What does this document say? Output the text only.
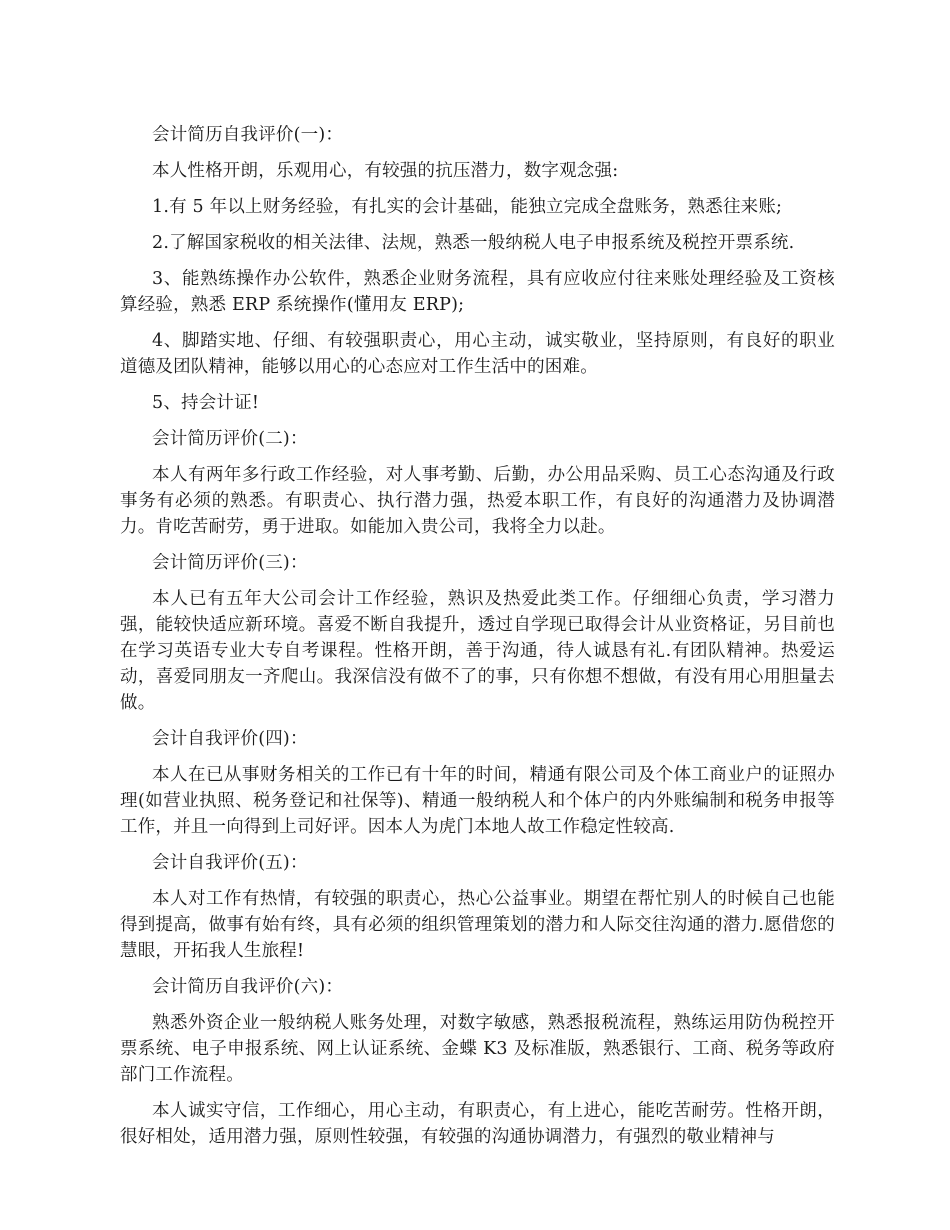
会计简历自我评价(一)：

本人性格开朗，乐观用心，有较强的抗压潜力，数字观念强:

1.有 5 年以上财务经验，有扎实的会计基础，能独立完成全盘账务，熟悉往来账;

2.了解国家税收的相关法律、法规，熟悉一般纳税人电子申报系统及税控开票系统.

3、能熟练操作办公软件，熟悉企业财务流程，具有应收应付往来账处理经验及工资核算经验，熟悉 ERP 系统操作(懂用友 ERP);

4、脚踏实地、仔细、有较强职责心，用心主动，诚实敬业，坚持原则，有良好的职业道德及团队精神，能够以用心的心态应对工作生活中的困难。

5、持会计证!

会计简历评价(二)：

本人有两年多行政工作经验，对人事考勤、后勤，办公用品采购、员工心态沟通及行政事务有必须的熟悉。有职责心、执行潜力强，热爱本职工作，有良好的沟通潜力及协调潜力。肯吃苦耐劳，勇于进取。如能加入贵公司，我将全力以赴。

会计简历评价(三)：

本人已有五年大公司会计工作经验，熟识及热爱此类工作。仔细细心负责，学习潜力强，能较快适应新环境。喜爱不断自我提升，透过自学现已取得会计从业资格证，另目前也在学习英语专业大专自考课程。性格开朗，善于沟通，待人诚恳有礼.有团队精神。热爱运动，喜爱同朋友一齐爬山。我深信没有做不了的事，只有你想不想做，有没有用心用胆量去做。

会计自我评价(四)：

本人在已从事财务相关的工作已有十年的时间，精通有限公司及个体工商业户的证照办理(如营业执照、税务登记和社保等)、精通一般纳税人和个体户的内外账编制和税务申报等工作，并且一向得到上司好评。因本人为虎门本地人故工作稳定性较高.

会计自我评价(五)：

本人对工作有热情，有较强的职责心，热心公益事业。期望在帮忙别人的时候自己也能得到提高，做事有始有终，具有必须的组织管理策划的潜力和人际交往沟通的潜力.愿借您的慧眼，开拓我人生旅程!

会计简历自我评价(六)：

熟悉外资企业一般纳税人账务处理，对数字敏感，熟悉报税流程，熟练运用防伪税控开票系统、电子申报系统、网上认证系统、金蝶 K3 及标准版，熟悉银行、工商、税务等政府部门工作流程。

本人诚实守信，工作细心，用心主动，有职责心，有上进心，能吃苦耐劳。性格开朗，很好相处，适用潜力强，原则性较强，有较强的沟通协调潜力，有强烈的敬业精神与
